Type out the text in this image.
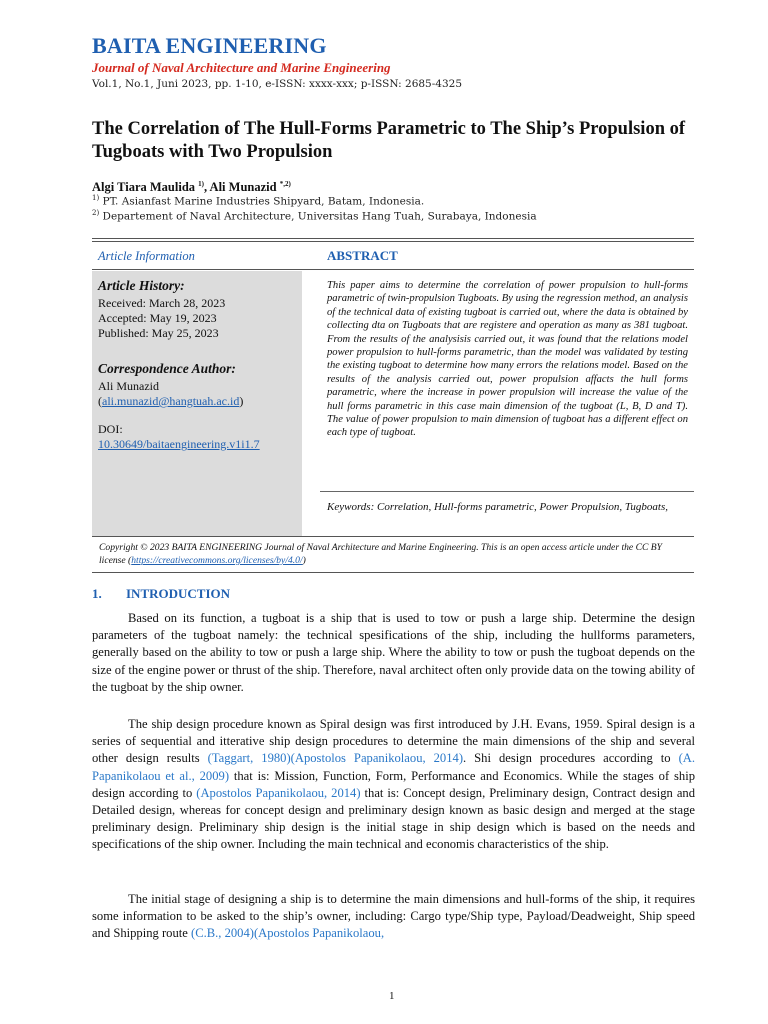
BAITA ENGINEERING
Journal of Naval Architecture and Marine Engineering
Vol.1, No.1, Juni 2023, pp. 1-10, e-ISSN: xxxx-xxx; p-ISSN: 2685-4325
The Correlation of The Hull-Forms Parametric to The Ship’s Propulsion of Tugboats with Two Propulsion
Algi Tiara Maulida $^{1)}$, Ali Munazid $^{*,2)}$
$^{1)}$ PT. Asianfast Marine Industries Shipyard, Batam, Indonesia.
$^{2)}$ Departement of Naval Architecture, Universitas Hang Tuah, Surabaya, Indonesia
Article Information	ABSTRACT
Article History:
Received: March 28, 2023
Accepted: May 19, 2023
Published: May 25, 2023
Correspondence Author:
Ali Munazid
(ali.munazid@hangtuah.ac.id)
DOI:
10.30649/baitaengineering.v1i1.7
This paper aims to determine the correlation of power propulsion to hull-forms parametric of twin-propulsion Tugboats. By using the regression method, an analysis of the technical data of existing tugboat is carried out, where the data is obtained by collecting dta on Tugboats that are registere and operation as many as 381 tugboat. From the results of the analysisis carried out, it was found that the relations model power propulsion to hull-forms parametric, than the model was validated by testing the existing tugboat to determine how many errors the relations model. Based on the results of the analysis carried out, power propulsion affacts the hull forms parametric, where the increase in power propulsion will increase the value of the hull forms parametric in this case main dimension of the tugboat (L, B, D and T). The value of power propulsion to main dimension of tugboat has a different effect on each type of tugboat.
Keywords: Correlation, Hull-forms parametric, Power Propulsion, Tugboats,
Copyright © 2023 BAITA ENGINEERING Journal of Naval Architecture and Marine Engineering. This is an open access article under the CC BY license (https://creativecommons.org/licenses/by/4.0/)
1. INTRODUCTION
Based on its function, a tugboat is a ship that is used to tow or push a large ship. Determine the design parameters of the tugboat namely: the technical spesifications of the ship, including the hullforms parameters, generally based on the ability to tow or push a large ship. Where the ability to tow or push the tugboat depends on the size of the engine power or thrust of the ship. Therefore, naval architect often only provide data on the towing ability of the tugboat by the ship owner.
The ship design procedure known as Spiral design was first introduced by J.H. Evans, 1959. Spiral design is a series of sequential and itterative ship design procedures to determine the main dimensions of the ship and several other design results (Taggart, 1980)(Apostolos Papanikolaou, 2014). Shi design procedures according to (A. Papanikolaou et al., 2009) that is: Mission, Function, Form, Performance and Economics. While the stages of ship design according to (Apostolos Papanikolaou, 2014) that is: Concept design, Preliminary design, Contract design and Detailed design, whereas for concept design and preliminary design known as basic design and merged at the stage preliminary design. Preliminary ship design is the initial stage in ship design which is based on the needs and specifications of the ship owner. Including the main technical and economis characteristics of the ship.
The initial stage of designing a ship is to determine the main dimensions and hull-forms of the ship, it requires some information to be asked to the ship’s owner, including: Cargo type/Ship type, Payload/Deadweight, Ship speed and Shipping route (C.B., 2004)(Apostolos Papanikolaou,
1
